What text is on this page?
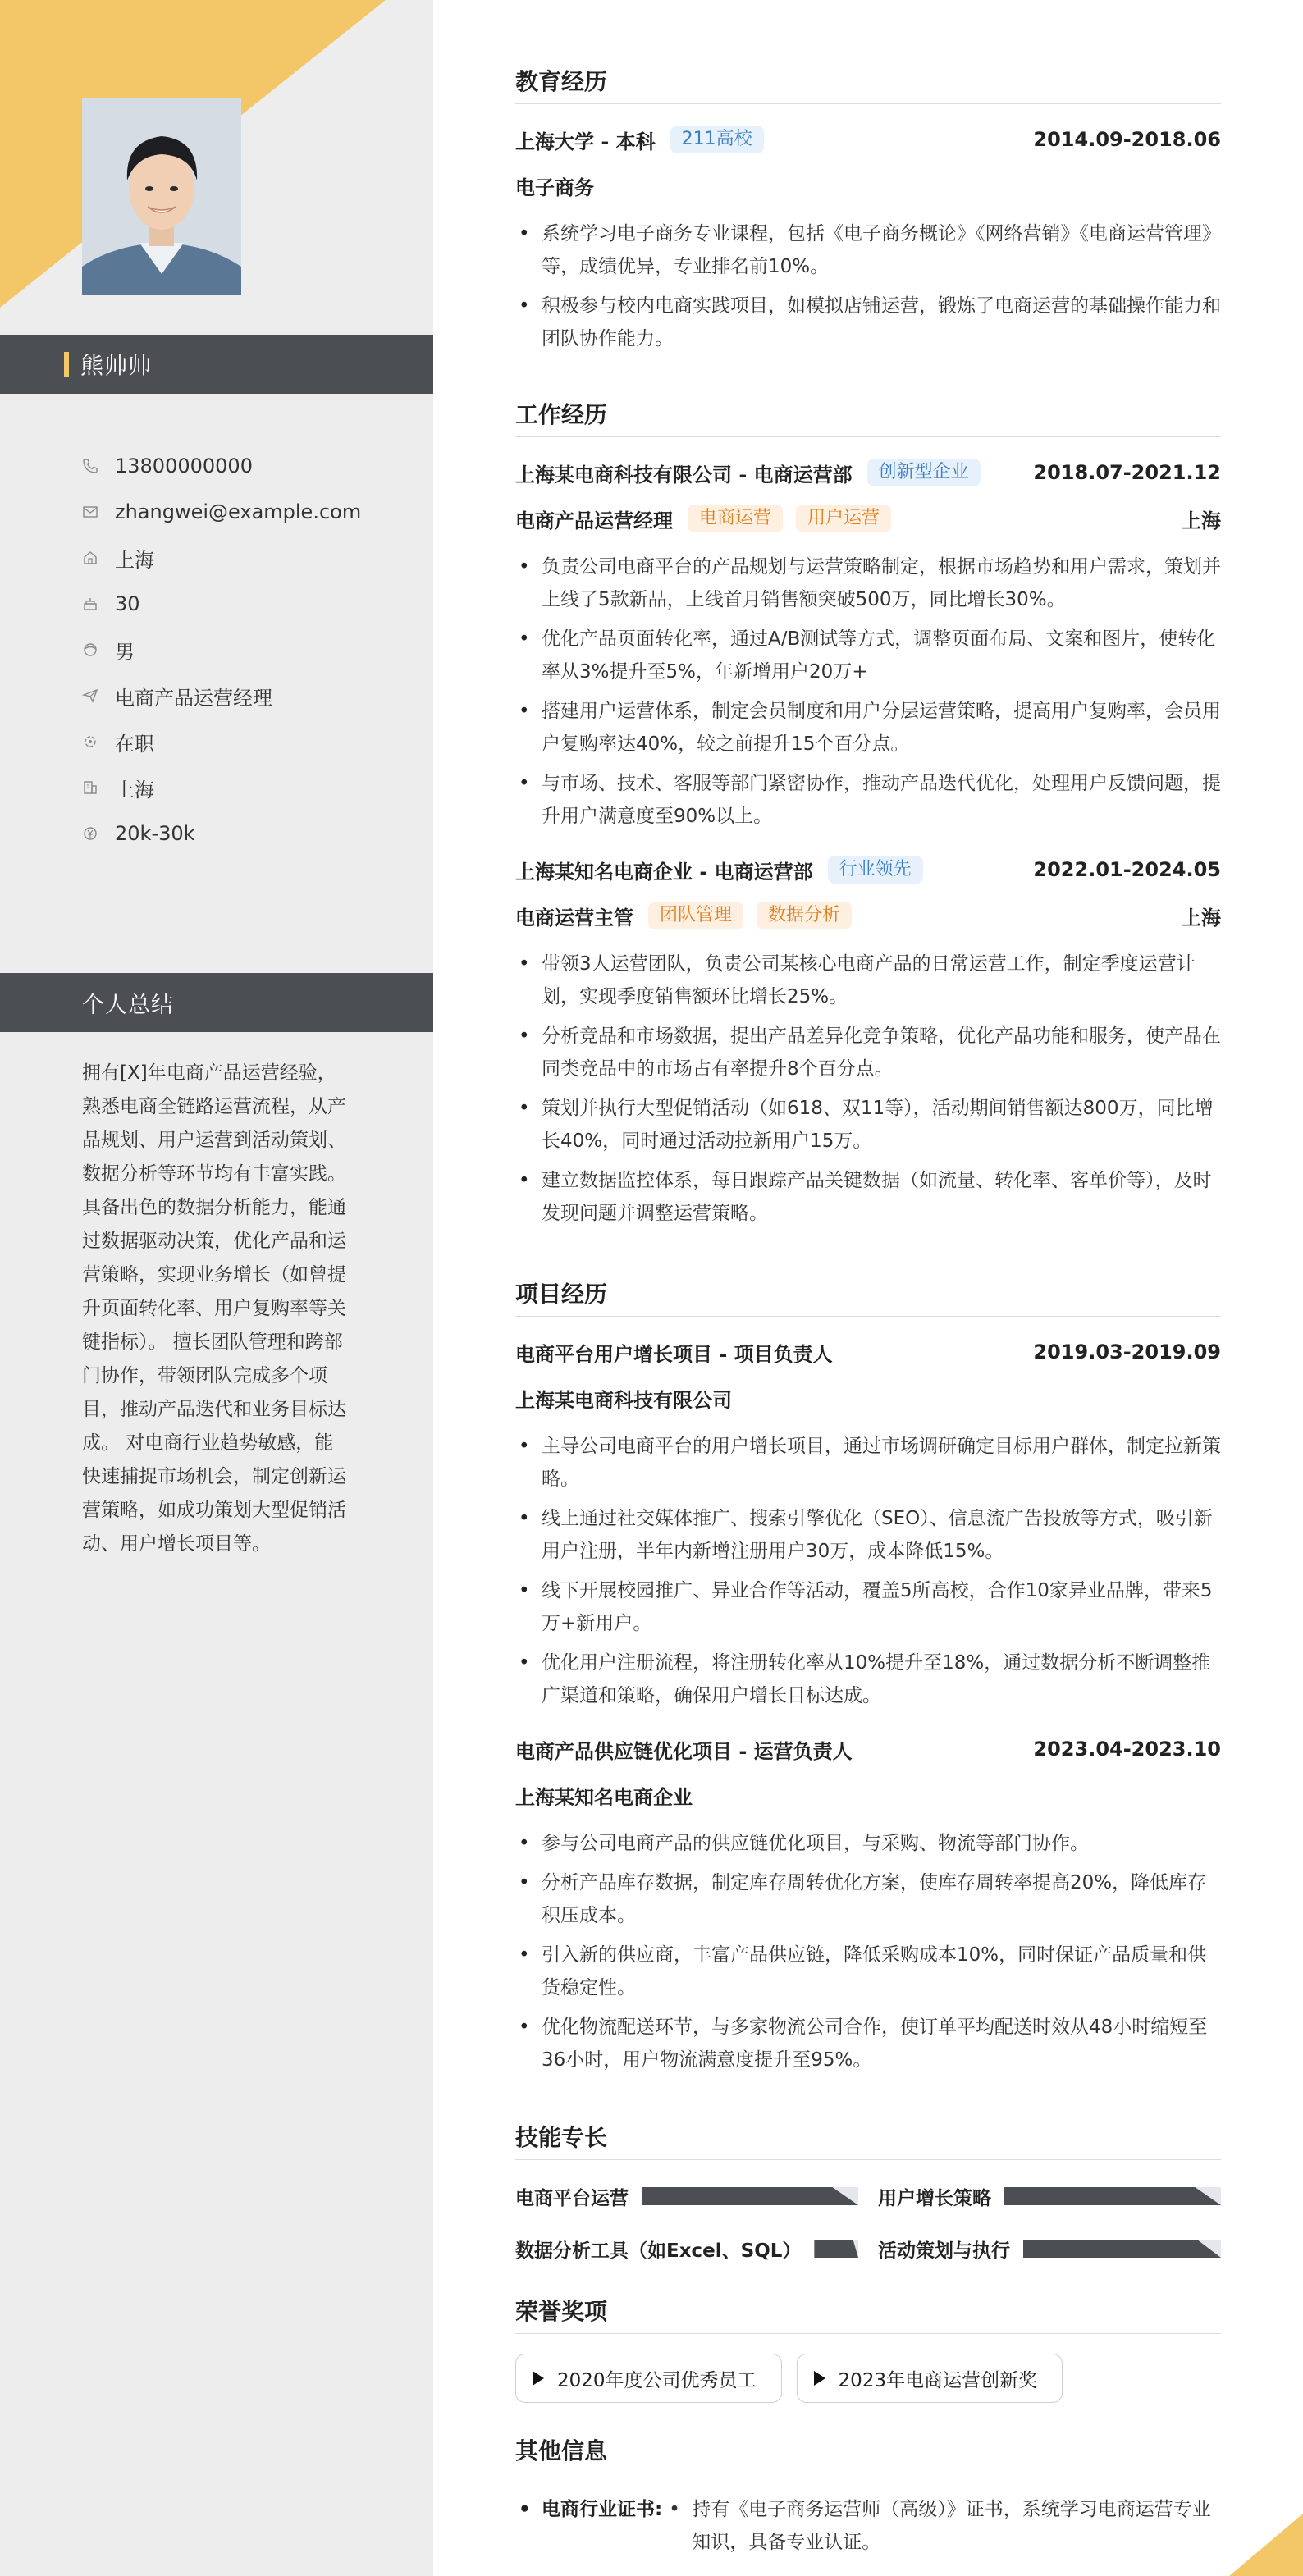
熊帅帅
13800000000
zhangwei@example.com
上海
30
男
电商产品运营经理
在职
上海
20k-30k
个人总结
拥有[X]年电商产品运营经验，熟悉电商全链路运营流程，从产品规划、用户运营到活动策划、数据分析等环节均有丰富实践。 具备出色的数据分析能力，能通过数据驱动决策，优化产品和运营策略，实现业务增长（如曾提升页面转化率、用户复购率等关键指标）。 擅长团队管理和跨部门协作，带领团队完成多个项目，推动产品迭代和业务目标达成。 对电商行业趋势敏感，能快速捕捉市场机会，制定创新运营策略，如成功策划大型促销活动、用户增长项目等。
教育经历
上海大学 - 本科	211高校	2014.09-2018.06
电子商务
• 系统学习电子商务专业课程，包括《电子商务概论》《网络营销》《电商运营管理》等，成绩优异，专业排名前10%。
• 积极参与校内电商实践项目，如模拟店铺运营，锻炼了电商运营的基础操作能力和团队协作能力。
工作经历
上海某电商科技有限公司 - 电商运营部	创新型企业	2018.07-2021.12
电商产品运营经理	电商运营	用户运营	上海
• 负责公司电商平台的产品规划与运营策略制定，根据市场趋势和用户需求，策划并上线了5款新品，上线首月销售额突破500万，同比增长30%。
• 优化产品页面转化率，通过A/B测试等方式，调整页面布局、文案和图片，使转化率从3%提升至5%，年新增用户20万+
• 搭建用户运营体系，制定会员制度和用户分层运营策略，提高用户复购率，会员用户复购率达40%，较之前提升15个百分点。
• 与市场、技术、客服等部门紧密协作，推动产品迭代优化，处理用户反馈问题，提升用户满意度至90%以上。
上海某知名电商企业 - 电商运营部	行业领先	2022.01-2024.05
电商运营主管	团队管理	数据分析	上海
• 带领3人运营团队，负责公司某核心电商产品的日常运营工作，制定季度运营计划，实现季度销售额环比增长25%。
• 分析竞品和市场数据，提出产品差异化竞争策略，优化产品功能和服务，使产品在同类竞品中的市场占有率提升8个百分点。
• 策划并执行大型促销活动（如618、双11等），活动期间销售额达800万，同比增长40%，同时通过活动拉新用户15万。
• 建立数据监控体系，每日跟踪产品关键数据（如流量、转化率、客单价等），及时发现问题并调整运营策略。
项目经历
电商平台用户增长项目 - 项目负责人	2019.03-2019.09
上海某电商科技有限公司
• 主导公司电商平台的用户增长项目，通过市场调研确定目标用户群体，制定拉新策略。
• 线上通过社交媒体推广、搜索引擎优化（SEO）、信息流广告投放等方式，吸引新用户注册，半年内新增注册用户30万，成本降低15%。
• 线下开展校园推广、异业合作等活动，覆盖5所高校，合作10家异业品牌，带来5万+新用户。
• 优化用户注册流程，将注册转化率从10%提升至18%，通过数据分析不断调整推广渠道和策略，确保用户增长目标达成。
电商产品供应链优化项目 - 运营负责人	2023.04-2023.10
上海某知名电商企业
• 参与公司电商产品的供应链优化项目，与采购、物流等部门协作。
• 分析产品库存数据，制定库存周转优化方案，使库存周转率提高20%，降低库存积压成本。
• 引入新的供应商，丰富产品供应链，降低采购成本10%，同时保证产品质量和供货稳定性。
• 优化物流配送环节，与多家物流公司合作，使订单平均配送时效从48小时缩短至36小时，用户物流满意度提升至95%。
技能专长
电商平台运营	用户增长策略
数据分析工具（如Excel、SQL）	活动策划与执行
荣誉奖项
2020年度公司优秀员工	2023年电商运营创新奖
其他信息
• 电商行业证书:
•	持有《电子商务运营师（高级）》证书，系统学习电商运营专业知识，具备专业认证。
